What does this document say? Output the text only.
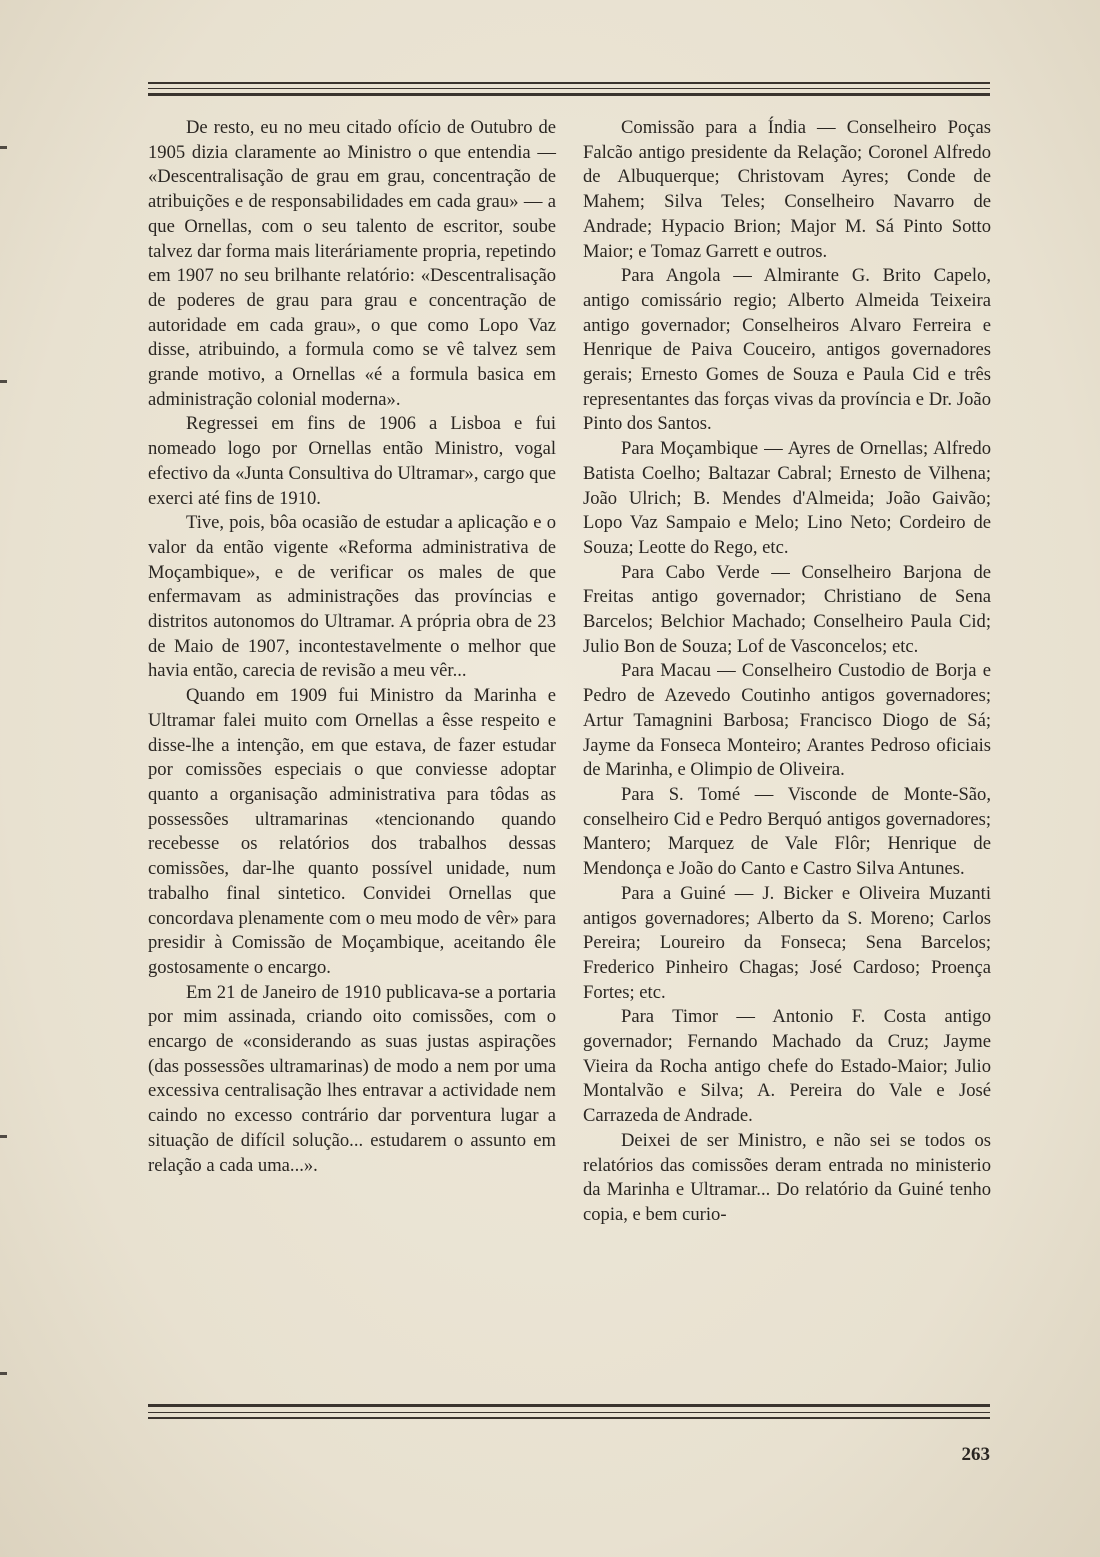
De resto, eu no meu citado ofício de Outubro de 1905 dizia claramente ao Ministro o que entendia — «Descentralisação de grau em grau, concentração de atribuições e de responsabilidades em cada grau» — a que Ornellas, com o seu talento de escritor, soube talvez dar forma mais literáriamente propria, repetindo em 1907 no seu brilhante relatório: «Descentralisação de poderes de grau para grau e concentração de autoridade em cada grau», o que como Lopo Vaz disse, atribuindo, a formula como se vê talvez sem grande motivo, a Ornellas «é a formula basica em administração colonial moderna».

Regressei em fins de 1906 a Lisboa e fui nomeado logo por Ornellas então Ministro, vogal efectivo da «Junta Consultiva do Ultramar», cargo que exerci até fins de 1910.

Tive, pois, bôa ocasião de estudar a aplicação e o valor da então vigente «Reforma administrativa de Moçambique», e de verificar os males de que enfermavam as administrações das províncias e distritos autonomos do Ultramar. A própria obra de 23 de Maio de 1907, incontestavelmente o melhor que havia então, carecia de revisão a meu vêr...

Quando em 1909 fui Ministro da Marinha e Ultramar falei muito com Ornellas a êsse respeito e disse-lhe a intenção, em que estava, de fazer estudar por comissões especiais o que conviesse adoptar quanto a organisação administrativa para tôdas as possessões ultramarinas «tencionando quando recebesse os relatórios dos trabalhos dessas comissões, dar-lhe quanto possível unidade, num trabalho final sintetico. Convidei Ornellas que concordava plenamente com o meu modo de vêr» para presidir à Comissão de Moçambique, aceitando êle gostosamente o encargo.

Em 21 de Janeiro de 1910 publicava-se a portaria por mim assinada, criando oito comissões, com o encargo de «considerando as suas justas aspirações (das possessões ultramarinas) de modo a nem por uma excessiva centralisação lhes entravar a actividade nem caindo no excesso contrário dar porventura lugar a situação de difícil solução... estudarem o assunto em relação a cada uma...».

Comissão para a Índia — Conselheiro Poças Falcão antigo presidente da Relação; Coronel Alfredo de Albuquerque; Christovam Ayres; Conde de Mahem; Silva Teles; Conselheiro Navarro de Andrade; Hypacio Brion; Major M. Sá Pinto Sotto Maior; e Tomaz Garrett e outros.

Para Angola — Almirante G. Brito Capelo, antigo comissário regio; Alberto Almeida Teixeira antigo governador; Conselheiros Alvaro Ferreira e Henrique de Paiva Couceiro, antigos governadores gerais; Ernesto Gomes de Souza e Paula Cid e três representantes das forças vivas da província e Dr. João Pinto dos Santos.

Para Moçambique — Ayres de Ornellas; Alfredo Batista Coelho; Baltazar Cabral; Ernesto de Vilhena; João Ulrich; B. Mendes d'Almeida; João Gaivão; Lopo Vaz Sampaio e Melo; Lino Neto; Cordeiro de Souza; Leotte do Rego, etc.

Para Cabo Verde — Conselheiro Barjona de Freitas antigo governador; Christiano de Sena Barcelos; Belchior Machado; Conselheiro Paula Cid; Julio Bon de Souza; Lof de Vasconcelos; etc.

Para Macau — Conselheiro Custodio de Borja e Pedro de Azevedo Coutinho antigos governadores; Artur Tamagnini Barbosa; Francisco Diogo de Sá; Jayme da Fonseca Monteiro; Arantes Pedroso oficiais de Marinha, e Olimpio de Oliveira.

Para S. Tomé — Visconde de Monte-São, conselheiro Cid e Pedro Berquó antigos governadores; Mantero; Marquez de Vale Flôr; Henrique de Mendonça e João do Canto e Castro Silva Antunes.

Para a Guiné — J. Bicker e Oliveira Muzanti antigos governadores; Alberto da S. Moreno; Carlos Pereira; Loureiro da Fonseca; Sena Barcelos; Frederico Pinheiro Chagas; José Cardoso; Proença Fortes; etc.

Para Timor — Antonio F. Costa antigo governador; Fernando Machado da Cruz; Jayme Vieira da Rocha antigo chefe do Estado-Maior; Julio Montalvão e Silva; A. Pereira do Vale e José Carrazeda de Andrade.

Deixei de ser Ministro, e não sei se todos os relatórios das comissões deram entrada no ministerio da Marinha e Ultramar... Do relatório da Guiné tenho copia, e bem curio-

263
